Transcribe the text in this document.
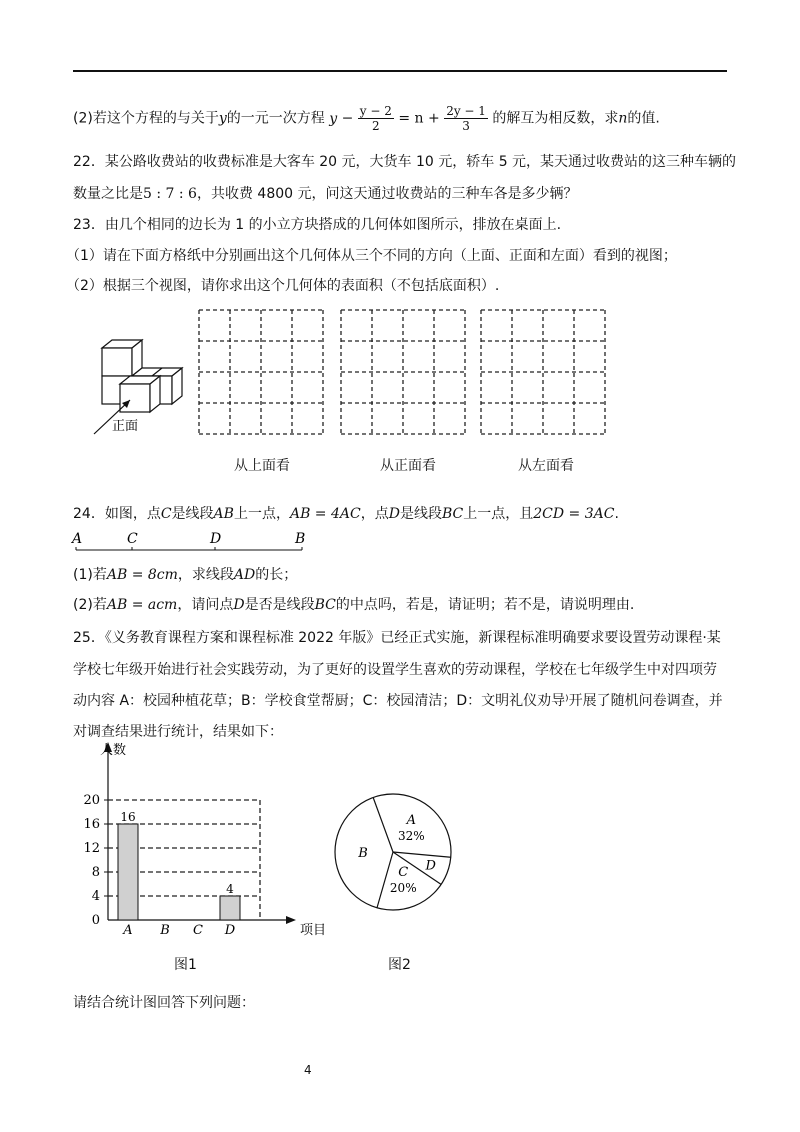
(2)若这个方程的与关于y的一元一次方程 $y - \frac{y - 2}{2} = n + \frac{2y - 1}{3}$ 的解互为相反数，求n的值.
22．某公路收费站的收费标准是大客车 20 元，大货车 10 元，轿车 5 元，某天通过收费站的这三种车辆的
数量之比是5 : 7 : 6，共收费 4800 元，问这天通过收费站的三种车各是多少辆？
23．由几个相同的边长为 1 的小立方块搭成的几何体如图所示，排放在桌面上.
（1）请在下面方格纸中分别画出这个几何体从三个不同的方向（上面、正面和左面）看到的视图；
（2）根据三个视图，请你求出这个几何体的表面积（不包括底面积）.
正面
从上面看	从正面看	从左面看
24．如图，点C是线段AB上一点，AB = 4AC，点D是线段BC上一点，且2CD = 3AC.
A	C	D	B
(1)若AB = 8cm，求线段AD的长；
(2)若AB = acm，请问点D是否是线段BC的中点吗，若是，请证明；若不是，请说明理由.
25．《义务教育课程方案和课程标准 2022 年版》已经正式实施，新课程标准明确要求要设置劳动课程·某
学校七年级开始进行社会实践劳动，为了更好的设置学生喜欢的劳动课程，学校在七年级学生中对四项劳
动内容 A：校园种植花草；B：学校食堂帮厨；C：校园清洁；D：文明礼仪劝导⁾开展了随机问卷调查，并
对调查结果进行统计，结果如下：
人数
项目
0
4
8
12
16
20
16
A B C
4
D
图1
A
32%
D
C
20%
B
图2
请结合统计图回答下列问题：
4
